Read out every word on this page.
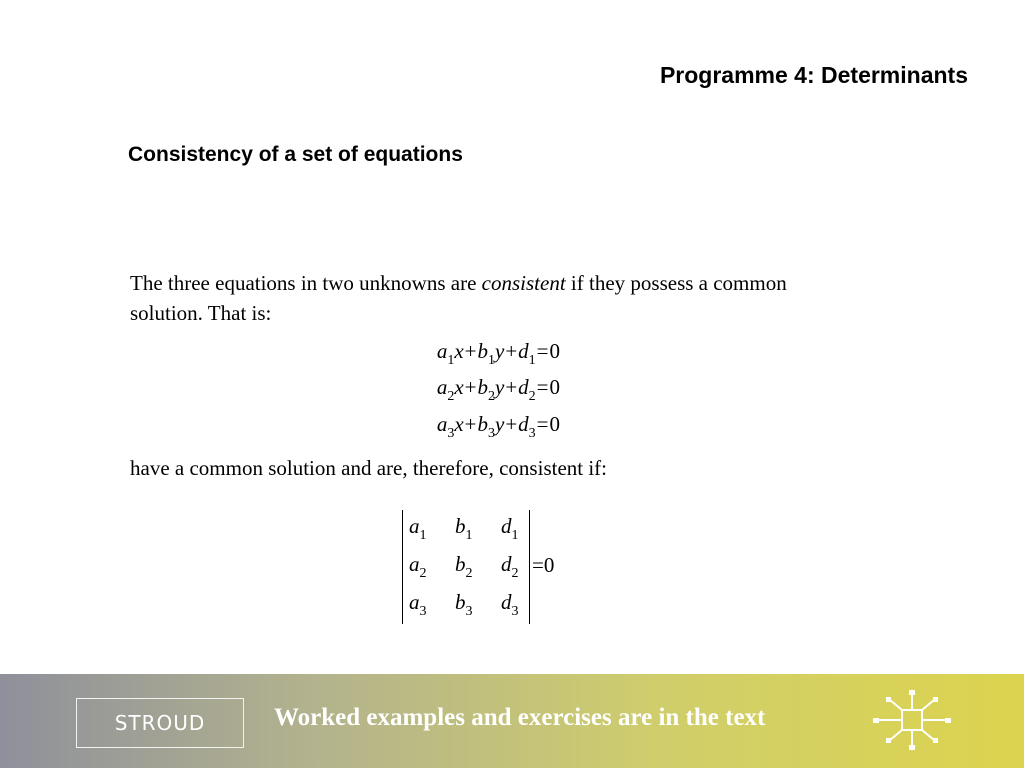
Programme 4: Determinants
Consistency of a set of equations
The three equations in two unknowns are consistent if they possess a common solution. That is:
$a_1x+b_1y+d_1=0$
$a_2x+b_2y+d_2=0$
$a_3x+b_3y+d_3=0$
have a common solution and are, therefore, consistent if:
$a_1$ $b_1$ $d_1$
$a_2$ $b_2$ $d_2$
$a_3$ $b_3$ $d_3$
=0
STROUD	Worked examples and exercises are in the text
